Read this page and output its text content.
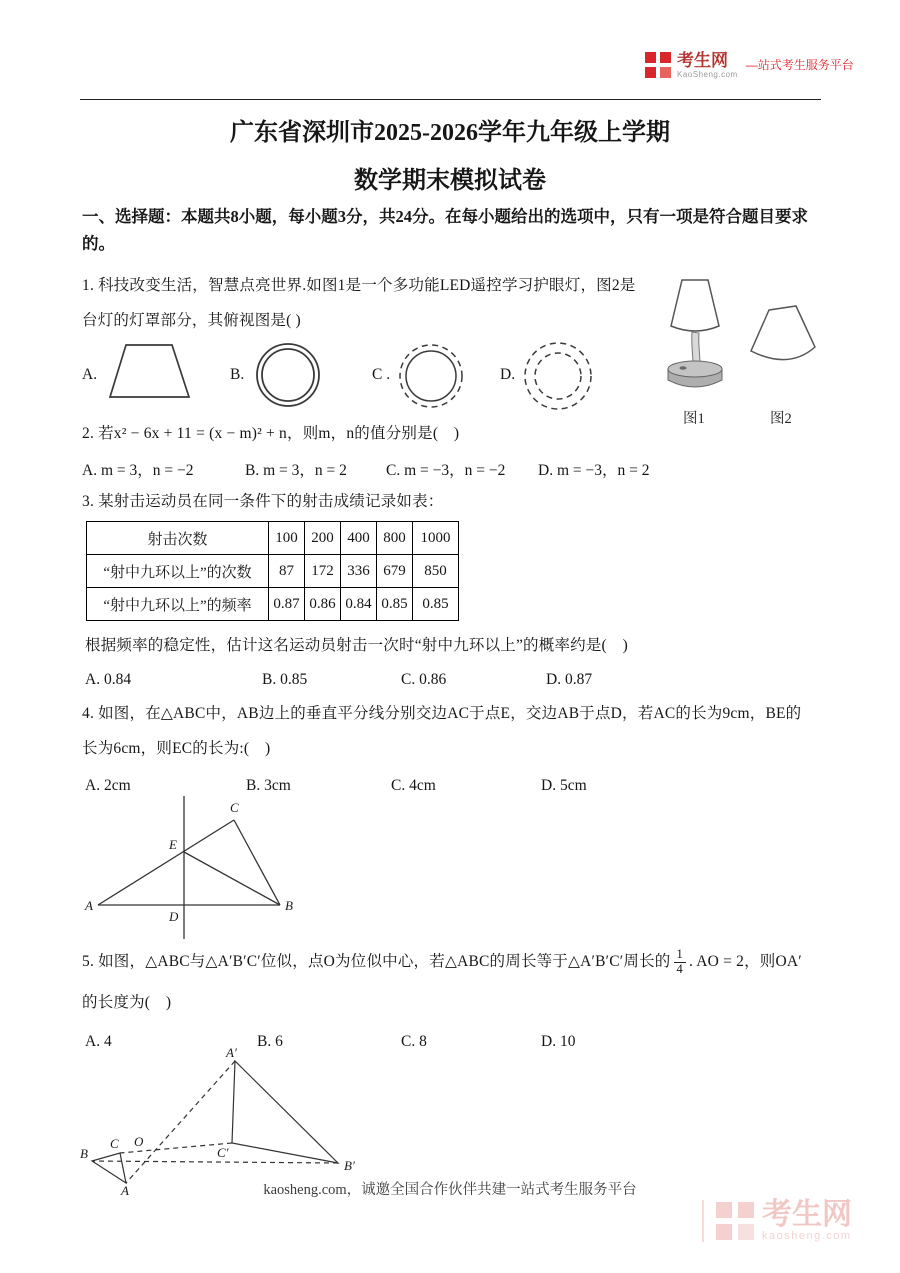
考生网
KaoSheng.com
—站式考生服务平台
广东省深圳市2025-2026学年九年级上学期
数学期末模拟试卷
一、选择题：本题共8小题，每小题3分，共24分。在每小题给出的选项中，只有一项是符合题目要求的。
1. 科技改变生活，智慧点亮世界.如图1是一个多功能LED遥控学习护眼灯，图2是
台灯的灯罩部分，其俯视图是( )
A.	B.	C .	D.
图1	图2
2. 若x² − 6x + 11 = (x − m)² + n，则m，n的值分别是(　)
A. m = 3，n = −2	B. m = 3，n = 2	C. m = −3，n = −2	D. m = −3，n = 2
3. 某射击运动员在同一条件下的射击成绩记录如表：
射击次数	100	200	400	800	1000
“射中九环以上”的次数	87	172	336	679	850
“射中九环以上”的频率	0.87	0.86	0.84	0.85	0.85
根据频率的稳定性，估计这名运动员射击一次时“射中九环以上”的概率约是(　)
A. 0.84	B. 0.85	C. 0.86	D. 0.87
4. 如图，在△ABC中，AB边上的垂直平分线分别交边AC于点E，交边AB于点D，若AC的长为9cm，BE的
长为6cm，则EC的长为:(　)
A. 2cm	B. 3cm	C. 4cm	D. 5cm
A	B
C
E
D
5. 如图，△ABC与△A′B′C′位似，点O为位似中心，若△ABC的周长等于△A′B′C′周长的 $\frac{1}{4}$ . AO = 2，则OA′
的长度为(　)
A. 4	B. 6	C. 8	D. 10
B
C O
A
A′
C′
B′
kaosheng.com，诚邀全国合作伙伴共建一站式考生服务平台
考生网
kaosheng.com
